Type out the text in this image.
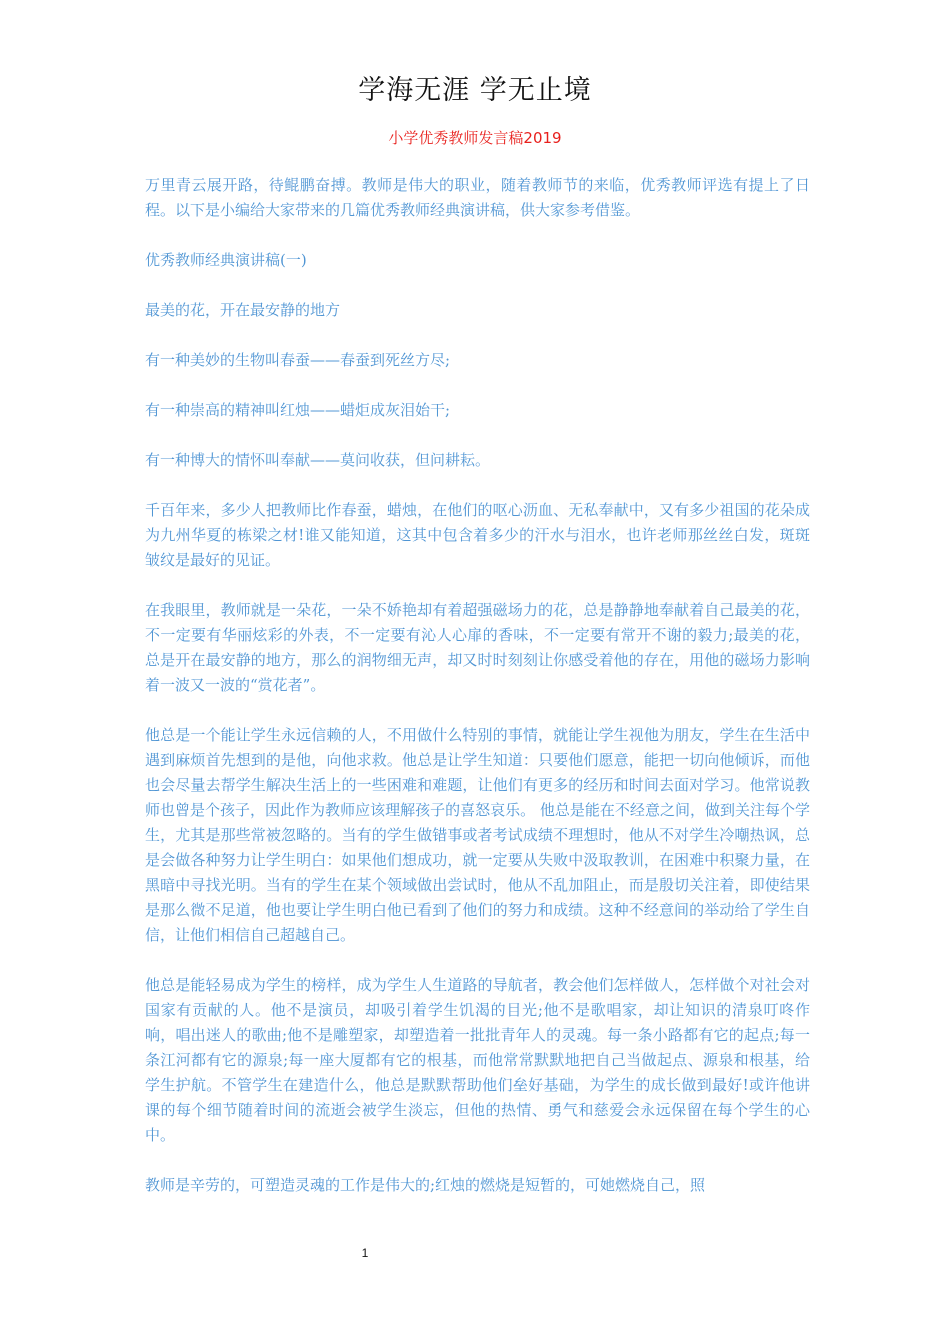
学海无涯 学无止境
小学优秀教师发言稿2019

万里青云展开路，待鲲鹏奋搏。教师是伟大的职业，随着教师节的来临，优秀教师评选有提上了日程。以下是小编给大家带来的几篇优秀教师经典演讲稿，供大家参考借鉴。

优秀教师经典演讲稿(一)

最美的花，开在最安静的地方

有一种美妙的生物叫春蚕——春蚕到死丝方尽;

有一种崇高的精神叫红烛——蜡炬成灰泪始干;

有一种博大的情怀叫奉献——莫问收获，但问耕耘。

千百年来，多少人把教师比作春蚕，蜡烛，在他们的呕心沥血、无私奉献中，又有多少祖国的花朵成为九州华夏的栋梁之材!谁又能知道，这其中包含着多少的汗水与泪水，也许老师那丝丝白发，斑斑皱纹是最好的见证。

在我眼里，教师就是一朵花，一朵不娇艳却有着超强磁场力的花，总是静静地奉献着自己最美的花，不一定要有华丽炫彩的外表，不一定要有沁人心扉的香味，不一定要有常开不谢的毅力;最美的花，总是开在最安静的地方，那么的润物细无声，却又时时刻刻让你感受着他的存在，用他的磁场力影响着一波又一波的“赏花者”。

他总是一个能让学生永远信赖的人，不用做什么特别的事情，就能让学生视他为朋友，学生在生活中遇到麻烦首先想到的是他，向他求救。他总是让学生知道：只要他们愿意，能把一切向他倾诉，而他也会尽量去帮学生解决生活上的一些困难和难题，让他们有更多的经历和时间去面对学习。他常说教师也曾是个孩子，因此作为教师应该理解孩子的喜怒哀乐。 他总是能在不经意之间，做到关注每个学生，尤其是那些常被忽略的。当有的学生做错事或者考试成绩不理想时，他从不对学生冷嘲热讽，总是会做各种努力让学生明白：如果他们想成功，就一定要从失败中汲取教训，在困难中积聚力量，在黑暗中寻找光明。当有的学生在某个领域做出尝试时，他从不乱加阻止，而是殷切关注着，即使结果是那么微不足道，他也要让学生明白他已看到了他们的努力和成绩。这种不经意间的举动给了学生自信，让他们相信自己超越自己。

他总是能轻易成为学生的榜样，成为学生人生道路的导航者，教会他们怎样做人，怎样做个对社会对国家有贡献的人。他不是演员，却吸引着学生饥渴的目光;他不是歌唱家，却让知识的清泉叮咚作响，唱出迷人的歌曲;他不是雕塑家，却塑造着一批批青年人的灵魂。每一条小路都有它的起点;每一条江河都有它的源泉;每一座大厦都有它的根基，而他常常默默地把自己当做起点、源泉和根基，给学生护航。不管学生在建造什么，他总是默默帮助他们垒好基础，为学生的成长做到最好!或许他讲课的每个细节随着时间的流逝会被学生淡忘，但他的热情、勇气和慈爱会永远保留在每个学生的心中。

教师是辛劳的，可塑造灵魂的工作是伟大的;红烛的燃烧是短暂的，可她燃烧自己，照

1
